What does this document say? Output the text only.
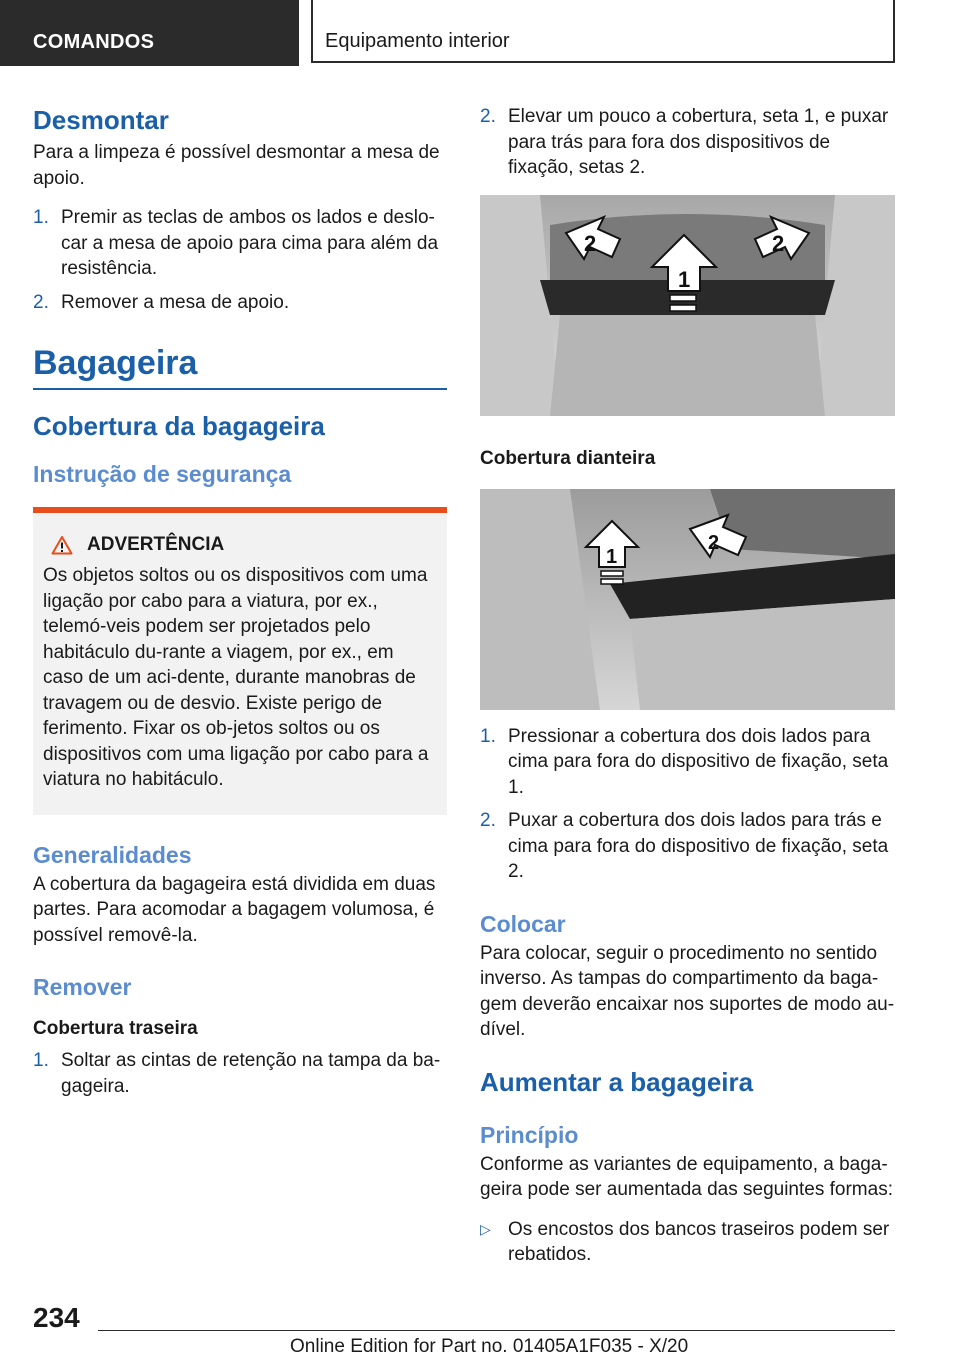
COMANDOS	Equipamento interior
Desmontar

Para a limpeza é possível desmontar a mesa de apoio.

1. Premir as teclas de ambos os lados e deslo-car a mesa de apoio para cima para além da resistência.
2. Remover a mesa de apoio.
Bagageira
Cobertura da bagageira
Instrução de segurança
ADVERTÊNCIA

Os objetos soltos ou os dispositivos com uma ligação por cabo para a viatura, por ex., telemó-veis podem ser projetados pelo habitáculo du-rante a viagem, por ex., em caso de um aci-dente, durante manobras de travagem ou de desvio. Existe perigo de ferimento. Fixar os ob-jetos soltos ou os dispositivos com uma ligação por cabo para a viatura no habitáculo.

Generalidades

A cobertura da bagageira está dividida em duas partes. Para acomodar a bagagem volumosa, é possível removê-la.

Remover
Cobertura traseira
1. Soltar as cintas de retenção na tampa da ba-gageira.
2. Elevar um pouco a cobertura, seta 1, e puxar para trás para fora dos dispositivos de fixação, setas 2.
2
1
2
Cobertura dianteira
1
2
1. Pressionar a cobertura dos dois lados para cima para fora do dispositivo de fixação, seta 1.
2. Puxar a cobertura dos dois lados para trás e cima para fora do dispositivo de fixação, seta 2.
Colocar

Para colocar, seguir o procedimento no sentido inverso. As tampas do compartimento da baga-gem deverão encaixar nos suportes de modo au-dível.

Aumentar a bagageira
Princípio

Conforme as variantes de equipamento, a baga-geira pode ser aumentada das seguintes formas:

▷ Os encostos dos bancos traseiros podem ser rebatidos.
234
Online Edition for Part no. 01405A1F035 - X/20
